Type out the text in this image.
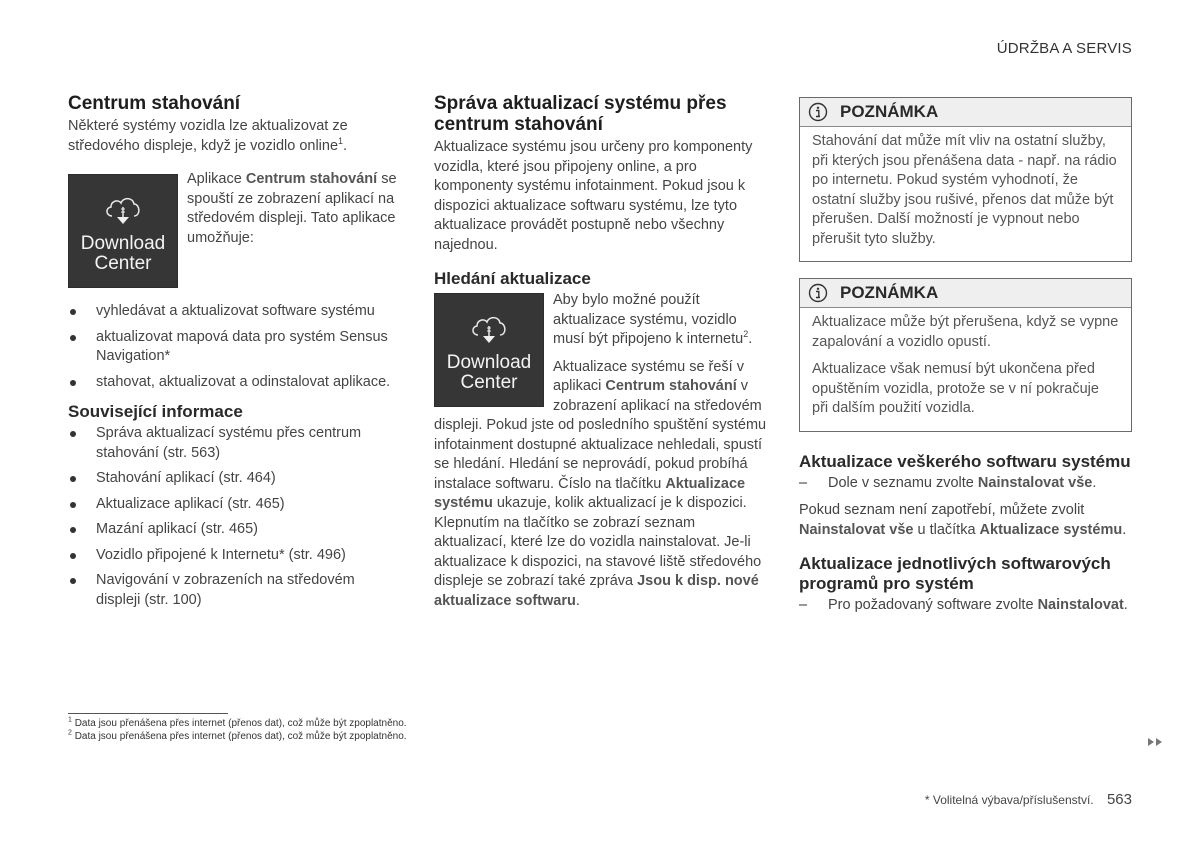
ÚDRŽBA A SERVIS
Centrum stahování

Některé systémy vozidla lze aktualizovat ze středového displeje, když je vozidlo online$^1$.

Download
Center

Aplikace Centrum stahování se spouští ze zobrazení aplikací na středovém displeji. Tato aplikace umožňuje:

vyhledávat a aktualizovat software systému
aktualizovat mapová data pro systém Sensus Navigation*
stahovat, aktualizovat a odinstalovat aplikace.
Související informace
Správa aktualizací systému přes centrum stahování (str. 563)
Stahování aplikací (str. 464)
Aktualizace aplikací (str. 465)
Mazání aplikací (str. 465)
Vozidlo připojené k Internetu* (str. 496)
Navigování v zobrazeních na středovém displeji (str. 100)
Správa aktualizací systému přes centrum stahování

Aktualizace systému jsou určeny pro komponenty vozidla, které jsou připojeny online, a pro komponenty systému infotainment. Pokud jsou k dispozici aktualizace softwaru systému, lze tyto aktualizace provádět postupně nebo všechny najednou.

Hledání aktualizace
Download
Center

Aby bylo možné použít aktualizace systému, vozidlo musí být připojeno k internetu$^2$.

Aktualizace systému se řeší v aplikaci Centrum stahování v zobrazení aplikací na středovém displeji. Pokud jste od posledního spuštění systému infotainment dostupné aktualizace nehledali, spustí se hledání. Hledání se neprovádí, pokud probíhá instalace softwaru. Číslo na tlačítku Aktualizace systému ukazuje, kolik aktualizací je k dispozici. Klepnutím na tlačítko se zobrazí seznam aktualizací, které lze do vozidla nainstalovat. Je-li aktualizace k dispozici, na stavové liště středového displeje se zobrazí také zpráva Jsou k disp. nové aktualizace softwaru.

POZNÁMKA

Stahování dat může mít vliv na ostatní služby, při kterých jsou přenášena data - např. na rádio po internetu. Pokud systém vyhodnotí, že ostatní služby jsou rušivé, přenos dat může být přerušen. Další možností je vypnout nebo přerušit tyto služby.

POZNÁMKA

Aktualizace může být přerušena, když se vypne zapalování a vozidlo opustí.

Aktualizace však nemusí být ukončena před opuštěním vozidla, protože se v ní pokračuje při dalším použití vozidla.

Aktualizace veškerého softwaru systému
– Dole v seznamu zvolte Nainstalovat vše.

Pokud seznam není zapotřebí, můžete zvolit Nainstalovat vše u tlačítka Aktualizace systému.

Aktualizace jednotlivých softwarových programů pro systém
– Pro požadovaný software zvolte Nainstalovat.
$^1$ Data jsou přenášena přes internet (přenos dat), což může být zpoplatněno.
$^2$ Data jsou přenášena přes internet (přenos dat), což může být zpoplatněno.
* Volitelná výbava/příslušenství. 563
